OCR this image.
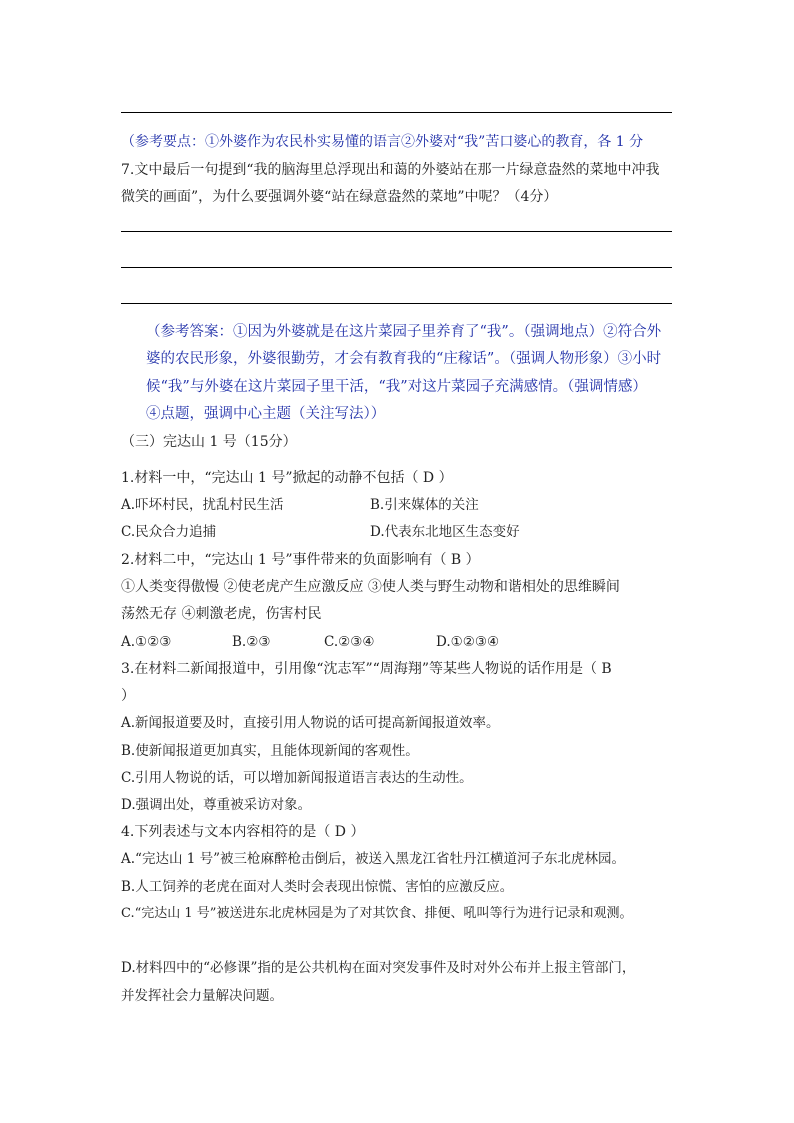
（参考要点：①外婆作为农民朴实易懂的语言②外婆对“我”苦口婆心的教育，各 1 分
7.文中最后一句提到“我的脑海里总浮现出和蔼的外婆站在那一片绿意盎然的菜地中冲我
微笑的画面”，为什么要强调外婆“站在绿意盎然的菜地”中呢？（4分）
（参考答案：①因为外婆就是在这片菜园子里养育了“我”。（强调地点）②符合外
婆的农民形象，外婆很勤劳，才会有教育我的“庄稼话”。（强调人物形象）③小时
候“我”与外婆在这片菜园子里干活，“我”对这片菜园子充满感情。（强调情感）
④点题，强调中心主题（关注写法））
（三）完达山 1 号（15分）
1.材料一中，“完达山 1 号”掀起的动静不包括（ D ）
A.吓坏村民，扰乱村民生活	B.引来媒体的关注
C.民众合力追捕	D.代表东北地区生态变好
2.材料二中，“完达山 1 号”事件带来的负面影响有（ B ）
①人类变得傲慢 ②使老虎产生应激反应 ③使人类与野生动物和谐相处的思维瞬间
荡然无存 ④刺激老虎，伤害村民
A.①②③	B.②③	C.②③④	D.①②③④
3.在材料二新闻报道中，引用像“沈志军”“周海翔”等某些人物说的话作用是（ B
）
A.新闻报道要及时，直接引用人物说的话可提高新闻报道效率。
B.使新闻报道更加真实，且能体现新闻的客观性。
C.引用人物说的话，可以增加新闻报道语言表达的生动性。
D.强调出处，尊重被采访对象。
4.下列表述与文本内容相符的是（ D ）
A.“完达山 1 号”被三枪麻醉枪击倒后，被送入黑龙江省牡丹江横道河子东北虎林园。
B.人工饲养的老虎在面对人类时会表现出惊慌、害怕的应激反应。
C.“完达山 1 号”被送进东北虎林园是为了对其饮食、排便、吼叫等行为进行记录和观测。
D.材料四中的“必修课”指的是公共机构在面对突发事件及时对外公布并上报主管部门，
并发挥社会力量解决问题。
